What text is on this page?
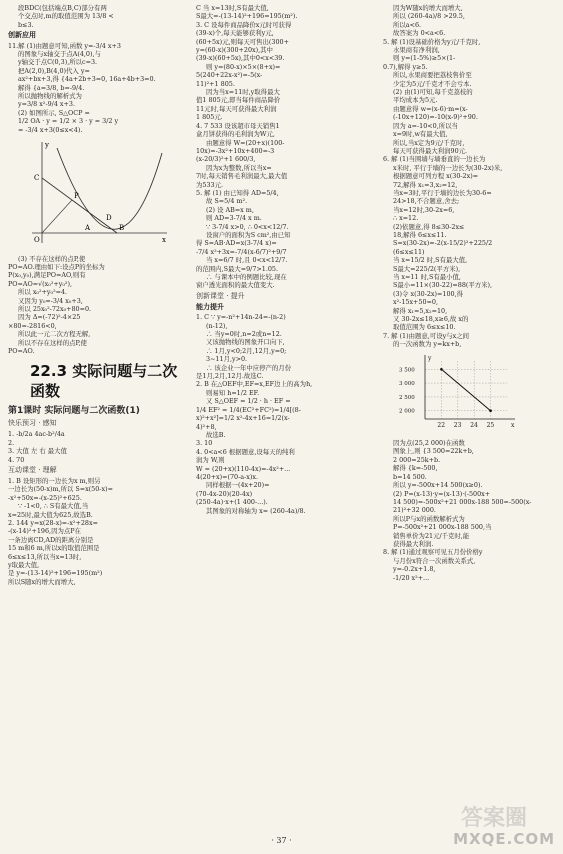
段BDC(包括端点B,C)部分有两
个交点时,m的取值范围为 13/8 <
b≤3.
创新应用
11.解 (1)由题意可知,函数 y=-3/4 x+3
的图象与x轴交于点A(4,0),与
y轴交于点C(0,3),所以c=3.
把A(2,0),B(4,0)代入 y=
ax²+bx+3,得 {4a+2b+3=0, 16a+4b+3=0.
解得 {a=3/8, b=-9/4.
所以抛物线的解析式为
y=3/8 x²-9/4 x+3.
(2) 如图所示, S△OCP =
1/2 OA · y = 1/2 × 3 · y = 3/2 y
= -3/4 x+3(0≤x<4).
y
x
O
C
P
A	B
D
(3) 不存在这样的点P,使
PO=AO.理由如下:设点P的坐标为
P(x₀,y₀),满足PO=AO,则有
PO=AO=√(x₀²+y₀²),
所以 x₀²+y₀²=4.
又因为 y₀=-3/4 x₀+3,
所以 25x₀²-72x₀+80=0.
因为 Δ=(-72)²-4×25
×80=-2816<0,
所以此一元二次方程无解,
所以不存在这样的点P,使
PO=AO.
22.3 实际问题与二次函数
第1课时 实际问题与二次函数(1)
快乐预习 · 感知
1. -b/2a 4ac-b²/4a
2.
3. 大值 左 右 最大值
4. 70
互动课堂 · 理解
1. B 设矩形的一边长为x m,则另
一边长为(50-x)m,所以 S=x(50-x)=
-x²+50x=-(x-25)²+625.
∵ -1<0, ∴ S有最大值,当
x=25时,最大值为625,故选B.
2. 144 y=x(28-x)=-x²+28x=
-(x-14)²+196,因为点P在
一条边离CD,AD的距离分别是
15 m和6 m,所以x的取值范围是
6≤x≤13,所以当x=13时,
y取最大值,
是 y=-(13-14)²+196=195(m²)
所以S随x的增大而增大,
C 当 x=13时,S有最大值,
S最大=-(13-14)²+196=195(m²).
3. C 设每件商品降价x元时可获得
(39-x)个,每天能够获利y元,
(60+5x)元,则每天可售出(300+
y=(60-x)(300+20x),其中
(39-x)(60+5x),其中0<x<39.
则 y=(80-x)×5×(8+x)=
5(240+22x-x²)=-5(x-
11)²+1 805.
因为当x=11时,y取得最大
值1 805元,即当每件商品降价
11元时,每天可获得最大利润
1 805元.
4. 7 533 设该超市母天销售1
盒月饼获得的毛利润为W元,
由题意得 W=(20+x)(100-
10x)=-3x²+10x+400=-3
(x-20/3)²+1 600/3,
因为x为整数,所以当x=
7时,每天销售毛利润最大,最大值
为533元.
5. 解 (1) 由已知得 AD=5/4,
故 S=5/4 m².
(2) 设 AB=x m,
则 AD=3-7/4 x m.
∵ 3-7/4 x>0, ∴ 0<x<12/7.
设窗户的面积为S cm²,由已知
得 S=AB·AD=x(3-7/4 x)=
-7/4 x²+3x=-7/4(x-6/7)²+9/7
当 x=6/7 时,且 0<x<12/7.
的范围内,S最大=9/7>1.05.
∴ 与课本中的例题比较,现在
窗户透光面积的最大值变大.
创新课堂 · 提升
能力提升
1. C ∵ y=-n²+14n-24=-(n-2)
(n-12),
∴ 当y=0时,n=2或n=12.
又该抛物线的图象开口向下,
∴ 1月,y<0;2月,12月,y=0;
3~11月,y>0.
∴ 该企业一年中应停产的月份
是1月,2月,12月.故选C.
2. B 在△OEF中,EF=x,EF边上的高为h,
则易知 h=1/2 EF.
又 S△OEF = 1/2 · h · EF =
1/4 EF² = 1/4(EC²+FC²)=1/4[(8-
x)²+x²]=1/2 x²-4x+16=1/2(x-
4)²+8,
故选B.
3. 10
4. 0<a<6 根据题意,设每天的纯利
润为 W,则
W = (20+x)(110-4x)=-4x²+...
4(20+x)=(70-a-x)x.
同样根据一(4x+20)=
(70-4x-20)(20-4x)
(250-4a)·x+(1 400-...).
其图象的对称轴为 x= (260-4a)/8.
因为W随x的增大而增大,
所以 (260-4a)/8 >29.5,
所以a<6.
故答案为 0<a<6.
5. 解 (1)设基础价格为y元/千克时,
水果商有净利润,
则 y=(1-5%)≥5×(1-
0.7),解得 y≥5.
所以,水果商要把荔枝售价至
少定为5元/千克才不会亏本.
(2) 由(1)可知,每千克荔枝的
平均成本为5元.
由题意得 w=(x-6)·m=(x-
(-10x+120)=-10(x-9)²+90.
因为 a=-10<0,所以当
x=9时,w有最大值,
所以,当x定为9元/千克时,
每天可获得最大利润90元.
6. 解 (1)当围墙与墙垂直的一边长为
x米时, 平行于墙的一边长为(30-2x)米,
根据题意可列方程 x(30-2x)=
72,解得 x₁=3,x₂=12,
当x=3时,平行于墙的边长为30-6=
24>18,不合题意,舍去;
当x=12时,30-2x=6,
∴ x=12.
(2)依题意,得 8≤30-2x≤
18,解得 6≤x≤11.
S=x(30-2x)=-2(x-15/2)²+225/2
(6≤x≤11)
当 x=15/2 时,S有最大值,
S最大=225/2(平方米),
当 x=11 时,S有最小值,
S最小=11×(30-22)=88(平方米),
(3)令 x(30-2x)=100,得
x²-15x+50=0,
解得 x₁=5,x₂=10,
又 30-2x≤18,x≥6,故 x的
取值范围为 6≤x≤10.
7. 解 (1)由题意,可设y与x之间
的一次函数为 y=kx+b,
22 23 24 25
2 000
2 500
3 000
3 500
x
y
因为点(25,2 000)在函数
图象上,则 {3 500=22k+b,
2 000=25k+b.
解得 {k=-500,
b=14 500.
所以 y=-500x+14 500(x≥0).
(2) P=(x-13)·y=(x-13)·(-500x+
14 500)=-500x²+21 000x-188 500=-500(x-
21)²+32 000.
所以P与x的函数解析式为
P=-500x²+21 000x-188 500,当
销售单价为21元/千克时,能
获得最大利润.
8. 解 (1)通过观察可见五月份价格y
与月份x符合一次函数关系式,
y=-0.2x+1.8,
-1/20 x²+...
· 37 ·
答案圈
MXQE.COM
